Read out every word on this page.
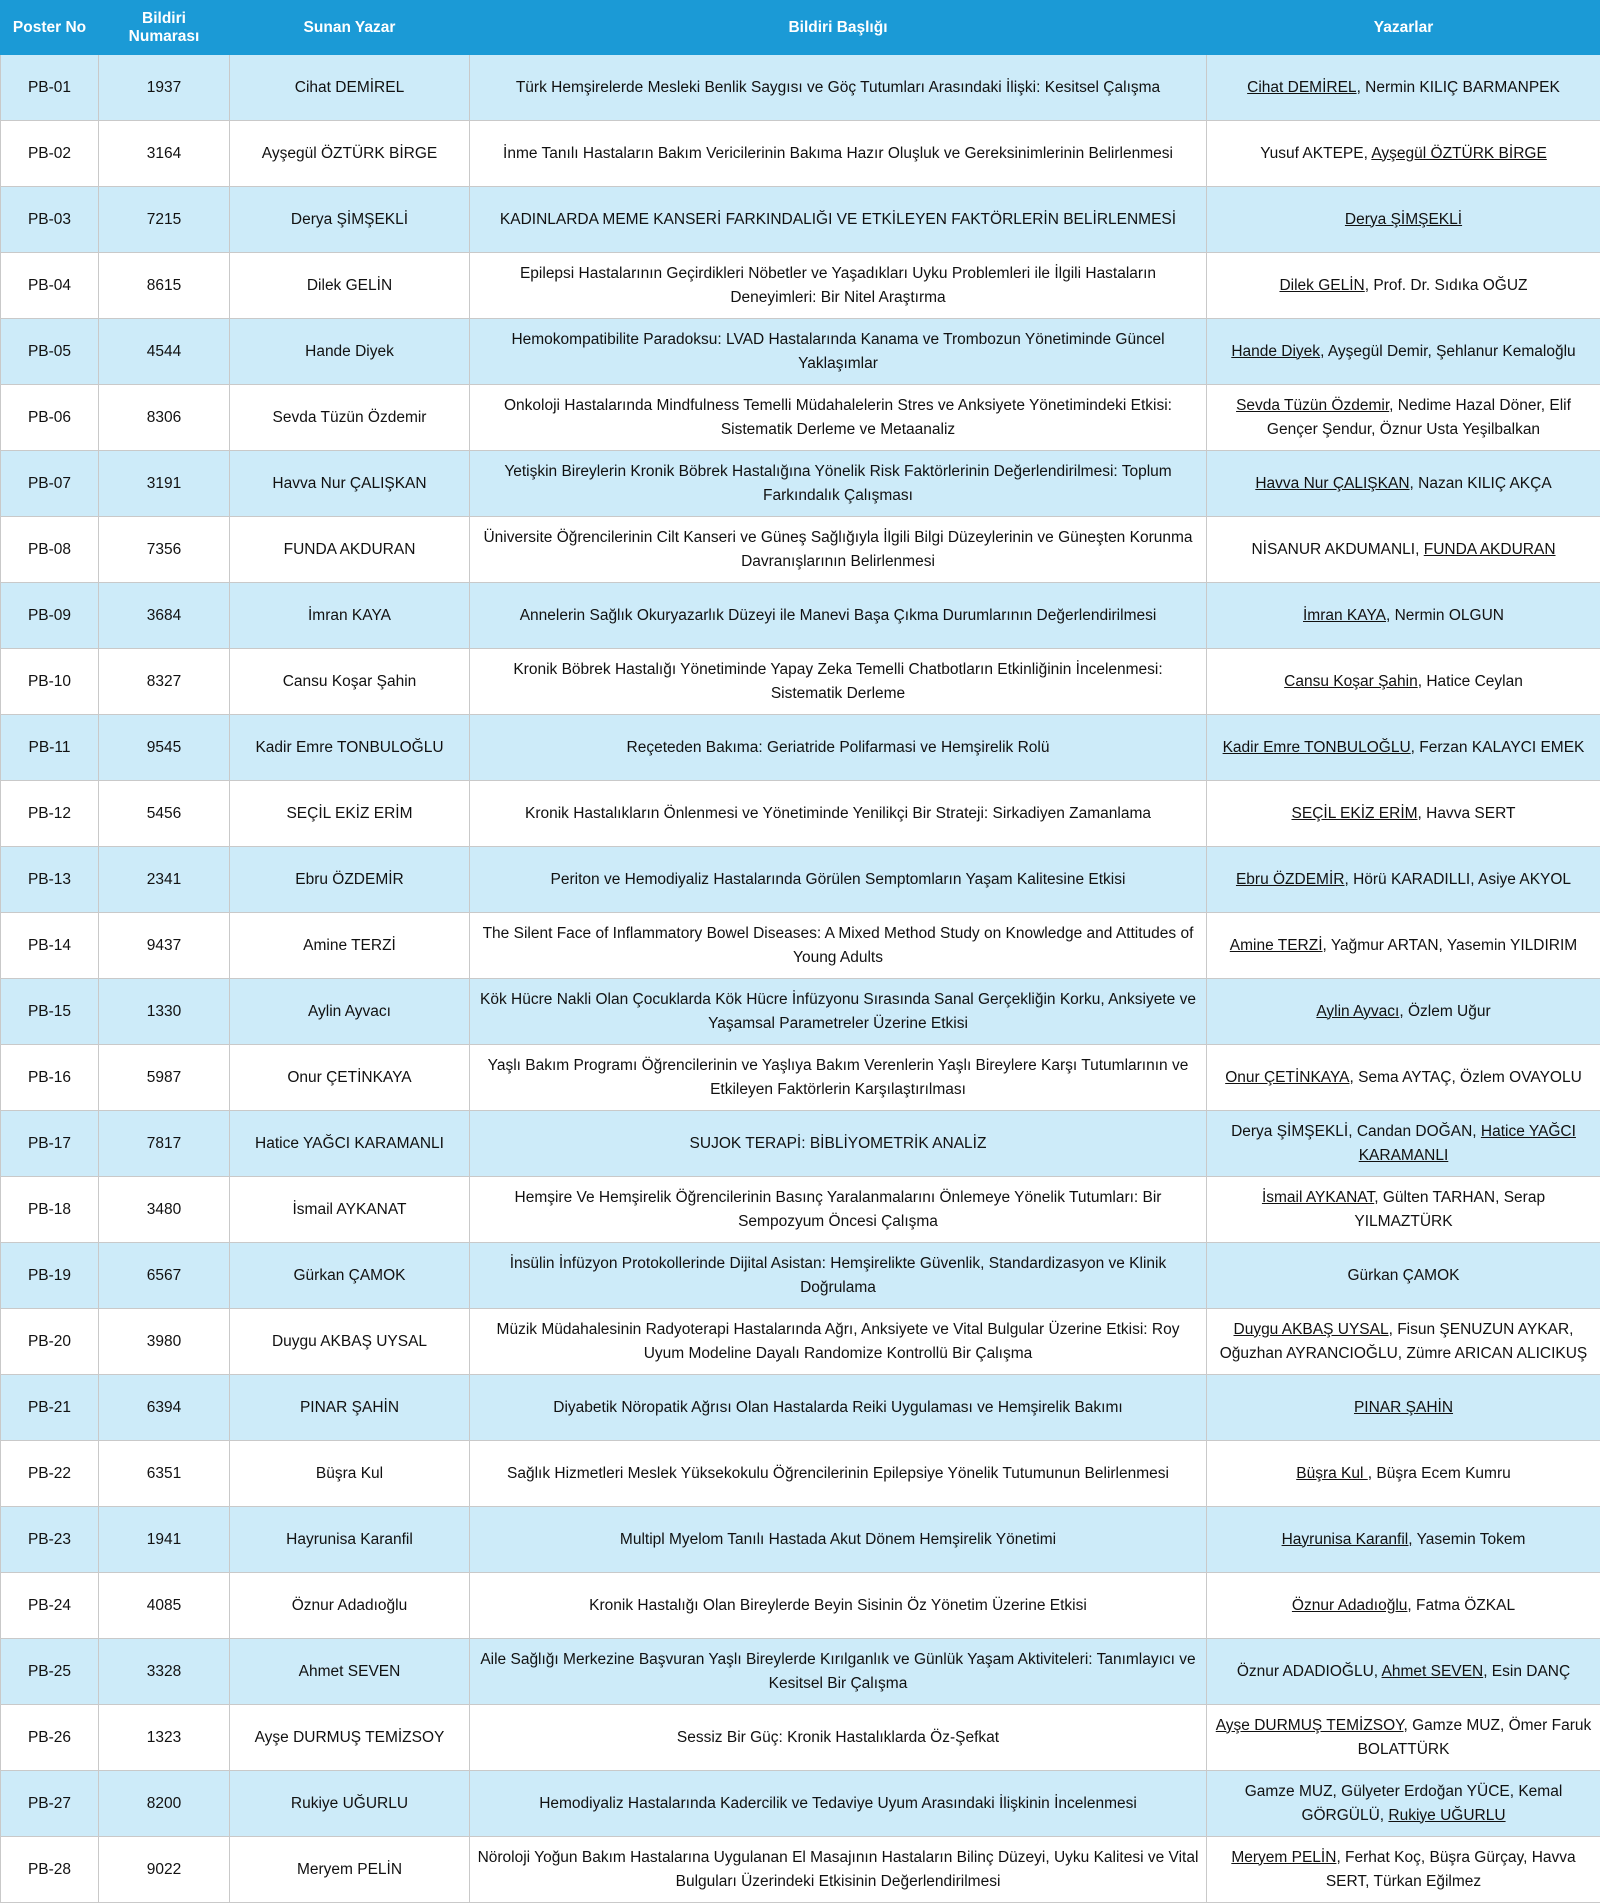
Poster No	Bildiri Numarası	Sunan Yazar	Bildiri Başlığı	Yazarlar
PB-01	1937	Cihat DEMİREL	Türk Hemşirelerde Mesleki Benlik Saygısı ve Göç Tutumları Arasındaki İlişki: Kesitsel Çalışma	Cihat DEMİREL, Nermin KILIÇ BARMANPEK
PB-02	3164	Ayşegül ÖZTÜRK BİRGE	İnme Tanılı Hastaların Bakım Vericilerinin Bakıma Hazır Oluşluk ve Gereksinimlerinin Belirlenmesi	Yusuf AKTEPE, Ayşegül ÖZTÜRK BİRGE
PB-03	7215	Derya ŞİMŞEKLİ	KADINLARDA MEME KANSERİ FARKINDALIĞI VE ETKİLEYEN FAKTÖRLERİN BELİRLENMESİ	Derya ŞİMŞEKLİ
PB-04	8615	Dilek GELİN	Epilepsi Hastalarının Geçirdikleri Nöbetler ve Yaşadıkları Uyku Problemleri ile İlgili Hastaların Deneyimleri: Bir Nitel Araştırma	Dilek GELİN, Prof. Dr. Sıdıka OĞUZ
PB-05	4544	Hande Diyek	Hemokompatibilite Paradoksu: LVAD Hastalarında Kanama ve Trombozun Yönetiminde Güncel Yaklaşımlar	Hande Diyek, Ayşegül Demir, Şehlanur Kemaloğlu
PB-06	8306	Sevda Tüzün Özdemir	Onkoloji Hastalarında Mindfulness Temelli Müdahalelerin Stres ve Anksiyete Yönetimindeki Etkisi: Sistematik Derleme ve Metaanaliz	Sevda Tüzün Özdemir, Nedime Hazal Döner, Elif Gençer Şendur, Öznur Usta Yeşilbalkan
PB-07	3191	Havva Nur ÇALIŞKAN	Yetişkin Bireylerin Kronik Böbrek Hastalığına Yönelik Risk Faktörlerinin Değerlendirilmesi: Toplum Farkındalık Çalışması	Havva Nur ÇALIŞKAN, Nazan KILIÇ AKÇA
PB-08	7356	FUNDA AKDURAN	Üniversite Öğrencilerinin Cilt Kanseri ve Güneş Sağlığıyla İlgili Bilgi Düzeylerinin ve Güneşten Korunma Davranışlarının Belirlenmesi	NİSANUR AKDUMANLI, FUNDA AKDURAN
PB-09	3684	İmran KAYA	Annelerin Sağlık Okuryazarlık Düzeyi ile Manevi Başa Çıkma Durumlarının Değerlendirilmesi	İmran KAYA, Nermin OLGUN
PB-10	8327	Cansu Koşar Şahin	Kronik Böbrek Hastalığı Yönetiminde Yapay Zeka Temelli Chatbotların Etkinliğinin İncelenmesi: Sistematik Derleme	Cansu Koşar Şahin, Hatice Ceylan
PB-11	9545	Kadir Emre TONBULOĞLU	Reçeteden Bakıma: Geriatride Polifarmasi ve Hemşirelik Rolü	Kadir Emre TONBULOĞLU, Ferzan KALAYCI EMEK
PB-12	5456	SEÇİL EKİZ ERİM	Kronik Hastalıkların Önlenmesi ve Yönetiminde Yenilikçi Bir Strateji: Sirkadiyen Zamanlama	SEÇİL EKİZ ERİM, Havva SERT
PB-13	2341	Ebru ÖZDEMİR	Periton ve Hemodiyaliz Hastalarında Görülen Semptomların Yaşam Kalitesine Etkisi	Ebru ÖZDEMİR, Hörü KARADILLI, Asiye AKYOL
PB-14	9437	Amine TERZİ	The Silent Face of Inflammatory Bowel Diseases: A Mixed Method Study on Knowledge and Attitudes of Young Adults	Amine TERZİ, Yağmur ARTAN, Yasemin YILDIRIM
PB-15	1330	Aylin Ayvacı	Kök Hücre Nakli Olan Çocuklarda Kök Hücre İnfüzyonu Sırasında Sanal Gerçekliğin Korku, Anksiyete ve Yaşamsal Parametreler Üzerine Etkisi	Aylin Ayvacı, Özlem Uğur
PB-16	5987	Onur ÇETİNKAYA	Yaşlı Bakım Programı Öğrencilerinin ve Yaşlıya Bakım Verenlerin Yaşlı Bireylere Karşı Tutumlarının ve Etkileyen Faktörlerin Karşılaştırılması	Onur ÇETİNKAYA, Sema AYTAÇ, Özlem OVAYOLU
PB-17	7817	Hatice YAĞCI KARAMANLI	SUJOK TERAPİ: BİBLİYOMETRİK ANALİZ	Derya ŞİMŞEKLİ, Candan DOĞAN, Hatice YAĞCI KARAMANLI
PB-18	3480	İsmail AYKANAT	Hemşire Ve Hemşirelik Öğrencilerinin Basınç Yaralanmalarını Önlemeye Yönelik Tutumları: Bir Sempozyum Öncesi Çalışma	İsmail AYKANAT, Gülten TARHAN, Serap YILMAZTÜRK
PB-19	6567	Gürkan ÇAMOK	İnsülin İnfüzyon Protokollerinde Dijital Asistan: Hemşirelikte Güvenlik, Standardizasyon ve Klinik Doğrulama	Gürkan ÇAMOK
PB-20	3980	Duygu AKBAŞ UYSAL	Müzik Müdahalesinin Radyoterapi Hastalarında Ağrı, Anksiyete ve Vital Bulgular Üzerine Etkisi: Roy Uyum Modeline Dayalı Randomize Kontrollü Bir Çalışma	Duygu AKBAŞ UYSAL, Fisun ŞENUZUN AYKAR, Oğuzhan AYRANCIOĞLU, Zümre ARICAN ALICIKUŞ
PB-21	6394	PINAR ŞAHİN	Diyabetik Nöropatik Ağrısı Olan Hastalarda Reiki Uygulaması ve Hemşirelik Bakımı	PINAR ŞAHİN
PB-22	6351	Büşra Kul	Sağlık Hizmetleri Meslek Yüksekokulu Öğrencilerinin Epilepsiye Yönelik Tutumunun Belirlenmesi	Büşra Kul , Büşra Ecem Kumru
PB-23	1941	Hayrunisa Karanfil	Multipl Myelom Tanılı Hastada Akut Dönem Hemşirelik Yönetimi	Hayrunisa Karanfil, Yasemin Tokem
PB-24	4085	Öznur Adadıoğlu	Kronik Hastalığı Olan Bireylerde Beyin Sisinin Öz Yönetim Üzerine Etkisi	Öznur Adadıoğlu, Fatma ÖZKAL
PB-25	3328	Ahmet SEVEN	Aile Sağlığı Merkezine Başvuran Yaşlı Bireylerde Kırılganlık ve Günlük Yaşam Aktiviteleri: Tanımlayıcı ve Kesitsel Bir Çalışma	Öznur ADADIOĞLU, Ahmet SEVEN, Esin DANÇ
PB-26	1323	Ayşe DURMUŞ TEMİZSOY	Sessiz Bir Güç: Kronik Hastalıklarda Öz-Şefkat	Ayşe DURMUŞ TEMİZSOY, Gamze MUZ, Ömer Faruk BOLATTÜRK
PB-27	8200	Rukiye UĞURLU	Hemodiyaliz Hastalarında Kadercilik ve Tedaviye Uyum Arasındaki İlişkinin İncelenmesi	Gamze MUZ, Gülyeter Erdoğan YÜCE, Kemal GÖRGÜLÜ, Rukiye UĞURLU
PB-28	9022	Meryem PELİN	Nöroloji Yoğun Bakım Hastalarına Uygulanan El Masajının Hastaların Bilinç Düzeyi, Uyku Kalitesi ve Vital Bulguları Üzerindeki Etkisinin Değerlendirilmesi	Meryem PELİN, Ferhat Koç, Büşra Gürçay, Havva SERT, Türkan Eğilmez
